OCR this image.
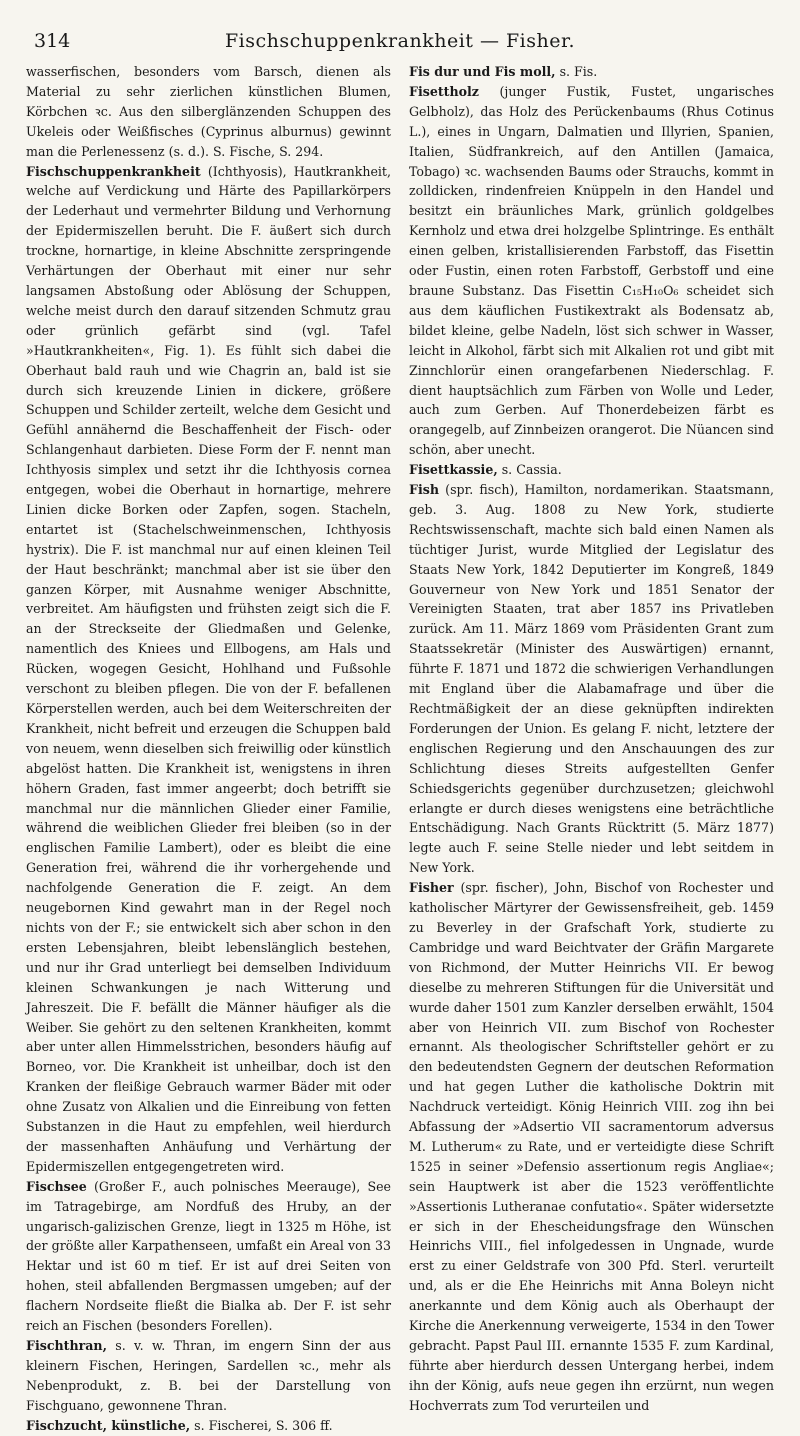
314	Fischschuppenkrankheit — Fisher.

wasserfischen, besonders vom Barsch, dienen als Material zu sehr zierlichen künstlichen Blumen, Körbchen ꝛc. Aus den silberglänzenden Schuppen des Ukeleis oder Weißfisches (Cyprinus alburnus) gewinnt man die Perlenessenz (s. d.). S. Fische, S. 294.

Fischschuppenkrankheit (Ichthyosis), Hautkrankheit, welche auf Verdickung und Härte des Papillarkörpers der Lederhaut und vermehrter Bildung und Verhornung der Epidermiszellen beruht. Die F. äußert sich durch trockne, hornartige, in kleine Abschnitte zerspringende Verhärtungen der Oberhaut mit einer nur sehr langsamen Abstoßung oder Ablösung der Schuppen, welche meist durch den darauf sitzenden Schmutz grau oder grünlich gefärbt sind (vgl. Tafel »Hautkrankheiten«, Fig. 1). Es fühlt sich dabei die Oberhaut bald rauh und wie Chagrin an, bald ist sie durch sich kreuzende Linien in dickere, größere Schuppen und Schilder zerteilt, welche dem Gesicht und Gefühl annähernd die Beschaffenheit der Fisch- oder Schlangenhaut darbieten. Diese Form der F. nennt man Ichthyosis simplex und setzt ihr die Ichthyosis cornea entgegen, wobei die Oberhaut in hornartige, mehrere Linien dicke Borken oder Zapfen, sogen. Stacheln, entartet ist (Stachelschweinmenschen, Ichthyosis hystrix). Die F. ist manchmal nur auf einen kleinen Teil der Haut beschränkt; manchmal aber ist sie über den ganzen Körper, mit Ausnahme weniger Abschnitte, verbreitet. Am häufigsten und frühsten zeigt sich die F. an der Streckseite der Gliedmaßen und Gelenke, namentlich des Kniees und Ellbogens, am Hals und Rücken, wogegen Gesicht, Hohlhand und Fußsohle verschont zu bleiben pflegen. Die von der F. befallenen Körperstellen werden, auch bei dem Weiterschreiten der Krankheit, nicht befreit und erzeugen die Schuppen bald von neuem, wenn dieselben sich freiwillig oder künstlich abgelöst hatten. Die Krankheit ist, wenigstens in ihren höhern Graden, fast immer angeerbt; doch betrifft sie manchmal nur die männlichen Glieder einer Familie, während die weiblichen Glieder frei bleiben (so in der englischen Familie Lambert), oder es bleibt die eine Generation frei, während die ihr vorhergehende und nachfolgende Generation die F. zeigt. An dem neugebornen Kind gewahrt man in der Regel noch nichts von der F.; sie entwickelt sich aber schon in den ersten Lebensjahren, bleibt lebenslänglich bestehen, und nur ihr Grad unterliegt bei demselben Individuum kleinen Schwankungen je nach Witterung und Jahreszeit. Die F. befällt die Männer häufiger als die Weiber. Sie gehört zu den seltenen Krankheiten, kommt aber unter allen Himmelsstrichen, besonders häufig auf Borneo, vor. Die Krankheit ist unheilbar, doch ist den Kranken der fleißige Gebrauch warmer Bäder mit oder ohne Zusatz von Alkalien und die Einreibung von fetten Substanzen in die Haut zu empfehlen, weil hierdurch der massenhaften Anhäufung und Verhärtung der Epidermiszellen entgegengetreten wird.

Fischsee (Großer F., auch polnisches Meerauge), See im Tatragebirge, am Nordfuß des Hruby, an der ungarisch-galizischen Grenze, liegt in 1325 m Höhe, ist der größte aller Karpathenseen, umfaßt ein Areal von 33 Hektar und ist 60 m tief. Er ist auf drei Seiten von hohen, steil abfallenden Bergmassen umgeben; auf der flachern Nordseite fließt die Bialka ab. Der F. ist sehr reich an Fischen (besonders Forellen).

Fischthran, s. v. w. Thran, im engern Sinn der aus kleinern Fischen, Heringen, Sardellen ꝛc., mehr als Nebenprodukt, z. B. bei der Darstellung von Fischguano, gewonnene Thran.

Fischzucht, künstliche, s. Fischerei, S. 306 ff.

Fis dur und Fis moll, s. Fis.

Fisettholz (junger Fustik, Fustet, ungarisches Gelbholz), das Holz des Perückenbaums (Rhus Cotinus L.), eines in Ungarn, Dalmatien und Illyrien, Spanien, Italien, Südfrankreich, auf den Antillen (Jamaica, Tobago) ꝛc. wachsenden Baums oder Strauchs, kommt in zolldicken, rindenfreien Knüppeln in den Handel und besitzt ein bräunliches Mark, grünlich goldgelbes Kernholz und etwa drei holzgelbe Splintringe. Es enthält einen gelben, kristallisierenden Farbstoff, das Fisettin oder Fustin, einen roten Farbstoff, Gerbstoff und eine braune Substanz. Das Fisettin C₁₅H₁₀O₆ scheidet sich aus dem käuflichen Fustikextrakt als Bodensatz ab, bildet kleine, gelbe Nadeln, löst sich schwer in Wasser, leicht in Alkohol, färbt sich mit Alkalien rot und gibt mit Zinnchlorür einen orangefarbenen Niederschlag. F. dient hauptsächlich zum Färben von Wolle und Leder, auch zum Gerben. Auf Thonerdebeizen färbt es orangegelb, auf Zinnbeizen orangerot. Die Nüancen sind schön, aber unecht.

Fisettkassie, s. Cassia.

Fish (spr. fisch), Hamilton, nordamerikan. Staatsmann, geb. 3. Aug. 1808 zu New York, studierte Rechtswissenschaft, machte sich bald einen Namen als tüchtiger Jurist, wurde Mitglied der Legislatur des Staats New York, 1842 Deputierter im Kongreß, 1849 Gouverneur von New York und 1851 Senator der Vereinigten Staaten, trat aber 1857 ins Privatleben zurück. Am 11. März 1869 vom Präsidenten Grant zum Staatssekretär (Minister des Auswärtigen) ernannt, führte F. 1871 und 1872 die schwierigen Verhandlungen mit England über die Alabamafrage und über die Rechtmäßigkeit der an diese geknüpften indirekten Forderungen der Union. Es gelang F. nicht, letztere der englischen Regierung und den Anschauungen des zur Schlichtung dieses Streits aufgestellten Genfer Schiedsgerichts gegenüber durchzusetzen; gleichwohl erlangte er durch dieses wenigstens eine beträchtliche Entschädigung. Nach Grants Rücktritt (5. März 1877) legte auch F. seine Stelle nieder und lebt seitdem in New York.

Fisher (spr. fischer), John, Bischof von Rochester und katholischer Märtyrer der Gewissensfreiheit, geb. 1459 zu Beverley in der Grafschaft York, studierte zu Cambridge und ward Beichtvater der Gräfin Margarete von Richmond, der Mutter Heinrichs VII. Er bewog dieselbe zu mehreren Stiftungen für die Universität und wurde daher 1501 zum Kanzler derselben erwählt, 1504 aber von Heinrich VII. zum Bischof von Rochester ernannt. Als theologischer Schriftsteller gehört er zu den bedeutendsten Gegnern der deutschen Reformation und hat gegen Luther die katholische Doktrin mit Nachdruck verteidigt. König Heinrich VIII. zog ihn bei Abfassung der »Adsertio VII sacramentorum adversus M. Lutherum« zu Rate, und er verteidigte diese Schrift 1525 in seiner »Defensio assertionum regis Angliae«; sein Hauptwerk ist aber die 1523 veröffentlichte »Assertionis Lutheranae confutatio«. Später widersetzte er sich in der Ehescheidungsfrage den Wünschen Heinrichs VIII., fiel infolgedessen in Ungnade, wurde erst zu einer Geldstrafe von 300 Pfd. Sterl. verurteilt und, als er die Ehe Heinrichs mit Anna Boleyn nicht anerkannte und dem König auch als Oberhaupt der Kirche die Anerkennung verweigerte, 1534 in den Tower gebracht. Papst Paul III. ernannte 1535 F. zum Kardinal, führte aber hierdurch dessen Untergang herbei, indem ihn der König, aufs neue gegen ihn erzürnt, nun wegen Hochverrats zum Tod verurteilen und
